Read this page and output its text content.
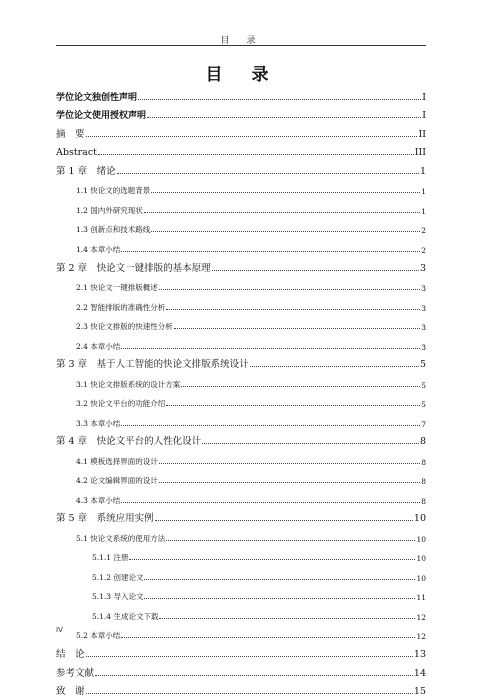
目　录
目　录
学位论文独创性声明	I
学位论文使用授权声明	I
摘　要	II
Abstract	III
第 1 章　绪论	1
1.1 快论文的选题背景	1
1.2 国内外研究现状	1
1.3 创新点和技术路线	2
1.4 本章小结	2
第 2 章　快论文一键排版的基本原理	3
2.1 快论文一键排版概述	3
2.2 智能排版的准确性分析	3
2.3 快论文排版的快速性分析	3
2.4 本章小结	3
第 3 章　基于人工智能的快论文排版系统设计	5
3.1 快论文排版系统的设计方案	5
3.2 快论文平台的功能介绍	5
3.3 本章小结	7
第 4 章　快论文平台的人性化设计	8
4.1 模板选择界面的设计	8
4.2 论文编辑界面的设计	8
4.3 本章小结	8
第 5 章　系统应用实例	10
5.1 快论文系统的使用方法	10
5.1.1 注册	10
5.1.2 创建论文	10
5.1.3 导入论文	11
5.1.4 生成论文下载	12
5.2 本章小结	12
结　论	13
参考文献	14
致　谢	15
IV
